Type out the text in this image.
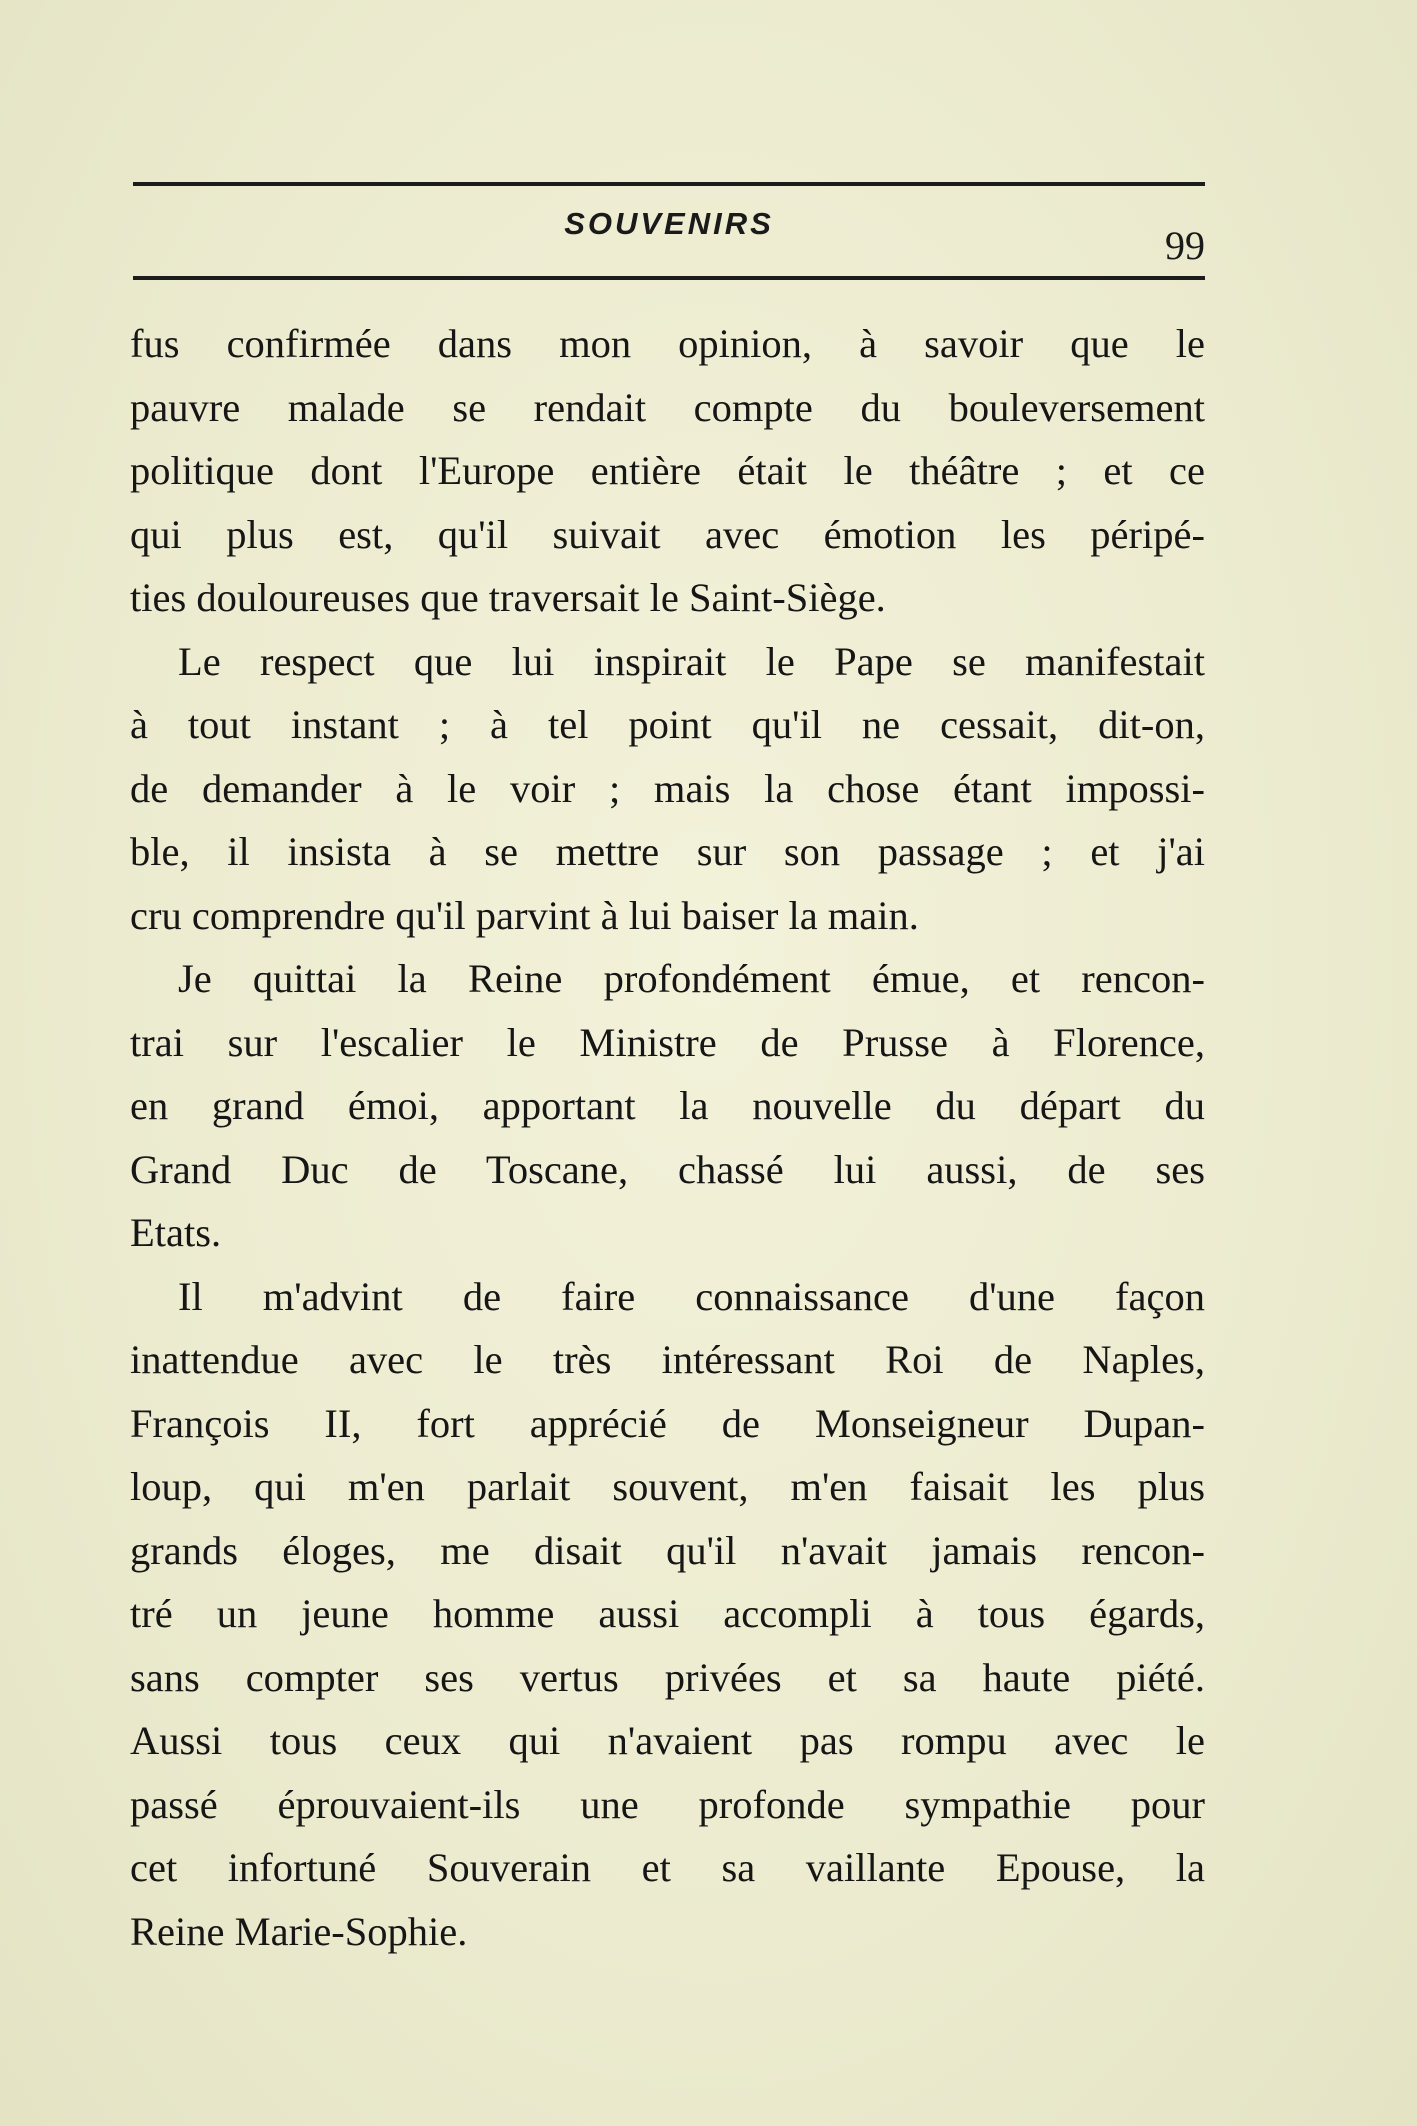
SOUVENIRS	99
fus confirmée dans mon opinion, à savoir que le
pauvre malade se rendait compte du bouleversement
politique dont l'Europe entière était le théâtre ; et ce
qui plus est, qu'il suivait avec émotion les péripé-
ties douloureuses que traversait le Saint-Siège.
Le respect que lui inspirait le Pape se manifestait
à tout instant ; à tel point qu'il ne cessait, dit-on,
de demander à le voir ; mais la chose étant impossi-
ble, il insista à se mettre sur son passage ; et j'ai
cru comprendre qu'il parvint à lui baiser la main.
Je quittai la Reine profondément émue, et rencon-
trai sur l'escalier le Ministre de Prusse à Florence,
en grand émoi, apportant la nouvelle du départ du
Grand Duc de Toscane, chassé lui aussi, de ses
Etats.
Il m'advint de faire connaissance d'une façon
inattendue avec le très intéressant Roi de Naples,
François II, fort apprécié de Monseigneur Dupan-
loup, qui m'en parlait souvent, m'en faisait les plus
grands éloges, me disait qu'il n'avait jamais rencon-
tré un jeune homme aussi accompli à tous égards,
sans compter ses vertus privées et sa haute piété.
Aussi tous ceux qui n'avaient pas rompu avec le
passé éprouvaient-ils une profonde sympathie pour
cet infortuné Souverain et sa vaillante Epouse, la
Reine Marie-Sophie.
